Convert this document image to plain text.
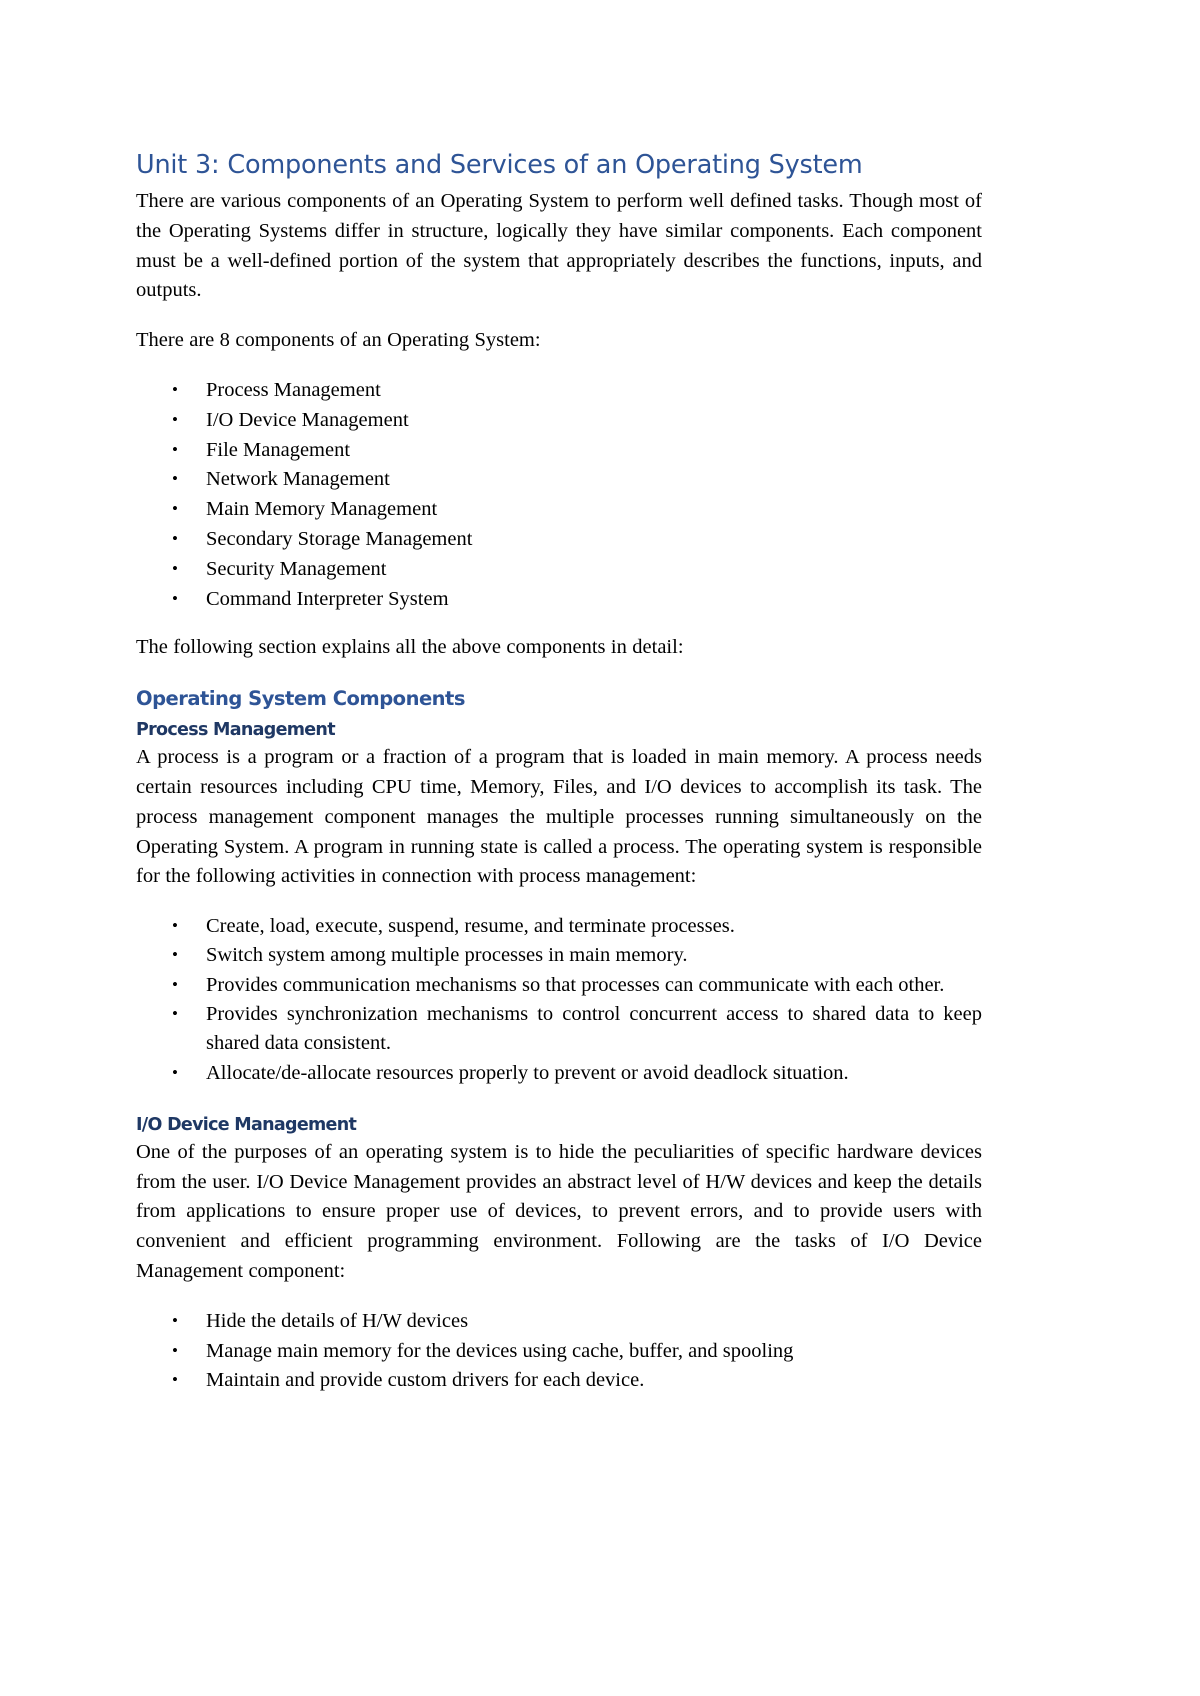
Unit 3: Components and Services of an Operating System

There are various components of an Operating System to perform well defined tasks. Though most of the Operating Systems differ in structure, logically they have similar components. Each component must be a well-defined portion of the system that appropriately describes the functions, inputs, and outputs.

There are 8 components of an Operating System:

• Process Management
• I/O Device Management
• File Management
• Network Management
• Main Memory Management
• Secondary Storage Management
• Security Management
• Command Interpreter System

The following section explains all the above components in detail:

Operating System Components
Process Management

A process is a program or a fraction of a program that is loaded in main memory. A process needs certain resources including CPU time, Memory, Files, and I/O devices to accomplish its task. The process management component manages the multiple processes running simultaneously on the Operating System. A program in running state is called a process. The operating system is responsible for the following activities in connection with process management:

• Create, load, execute, suspend, resume, and terminate processes.
• Switch system among multiple processes in main memory.
• Provides communication mechanisms so that processes can communicate with each other.
• Provides synchronization mechanisms to control concurrent access to shared data to keep shared data consistent.
• Allocate/de-allocate resources properly to prevent or avoid deadlock situation.
I/O Device Management

One of the purposes of an operating system is to hide the peculiarities of specific hardware devices from the user. I/O Device Management provides an abstract level of H/W devices and keep the details from applications to ensure proper use of devices, to prevent errors, and to provide users with convenient and efficient programming environment. Following are the tasks of I/O Device Management component:

• Hide the details of H/W devices
• Manage main memory for the devices using cache, buffer, and spooling
• Maintain and provide custom drivers for each device.
